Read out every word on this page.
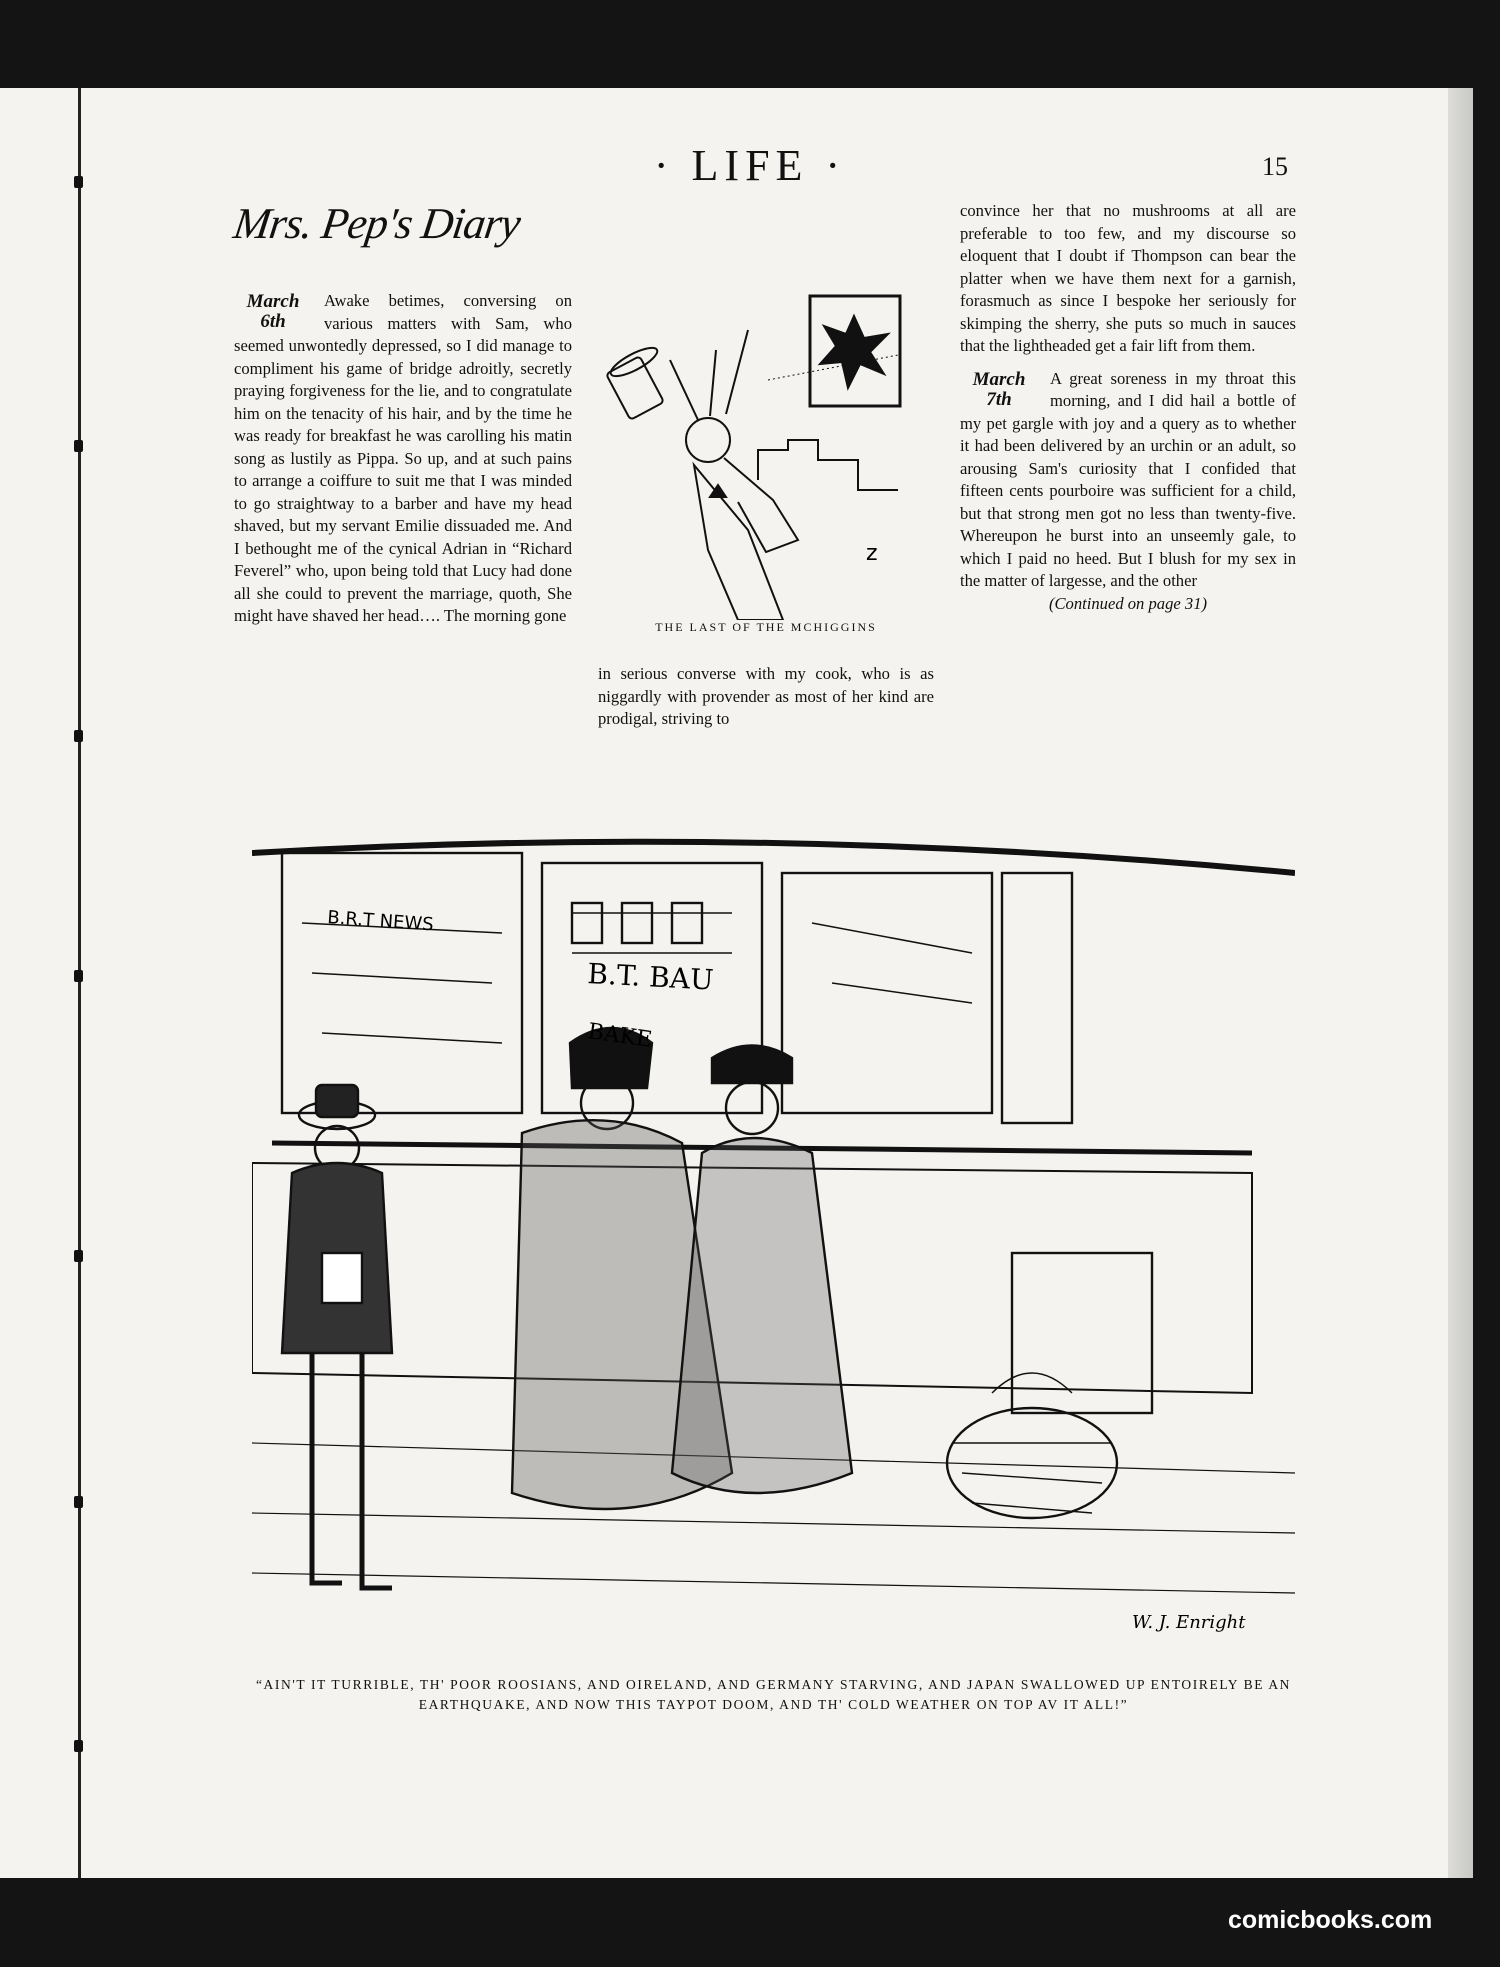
· LIFE ·	15
Mrs. Pep's Diary
March 6th

Awake betimes, conversing on various matters with Sam, who seemed unwontedly depressed, so I did manage to compliment his game of bridge adroitly, secretly praying forgiveness for the lie, and to congratulate him on the tenacity of his hair, and by the time he was ready for breakfast he was carolling his matin song as lustily as Pippa. So up, and at such pains to arrange a coiffure to suit me that I was minded to go straightway to a barber and have my head shaved, but my servant Emilie dissuaded me. And I bethought me of the cynical Adrian in “Richard Feverel” who, upon being told that Lucy had done all she could to prevent the marriage, quoth, She might have shaved her head…. The morning gone

z
THE LAST OF THE MCHIGGINS

in serious converse with my cook, who is as niggardly with provender as most of her kind are prodigal, striving to

convince her that no mushrooms at all are preferable to too few, and my discourse so eloquent that I doubt if Thompson can bear the platter when we have them next for a garnish, forasmuch as since I bespoke her seriously for skimping the sherry, she puts so much in sauces that the lightheaded get a fair lift from them.

March 7th

A great soreness in my throat this morning, and I did hail a bottle of my pet gargle with joy and a query as to whether it had been delivered by an urchin or an adult, so arousing Sam's curiosity that I confided that fifteen cents pourboire was sufficient for a child, but that strong men got no less than twenty-five. Whereupon he burst into an unseemly gale, to which I paid no heed. But I blush for my sex in the matter of largesse, and the other

(Continued on page 31)

B.R.T NEWS
B.T. BAU
BAKE
W. J. Enright
“AIN'T IT TURRIBLE, TH' POOR ROOSIANS, AND OIRELAND, AND GERMANY STARVING, AND JAPAN SWALLOWED UP ENTOIRELY BE AN EARTHQUAKE, AND NOW THIS TAYPOT DOOM, AND TH' COLD WEATHER ON TOP AV IT ALL!”
comicbooks.com
